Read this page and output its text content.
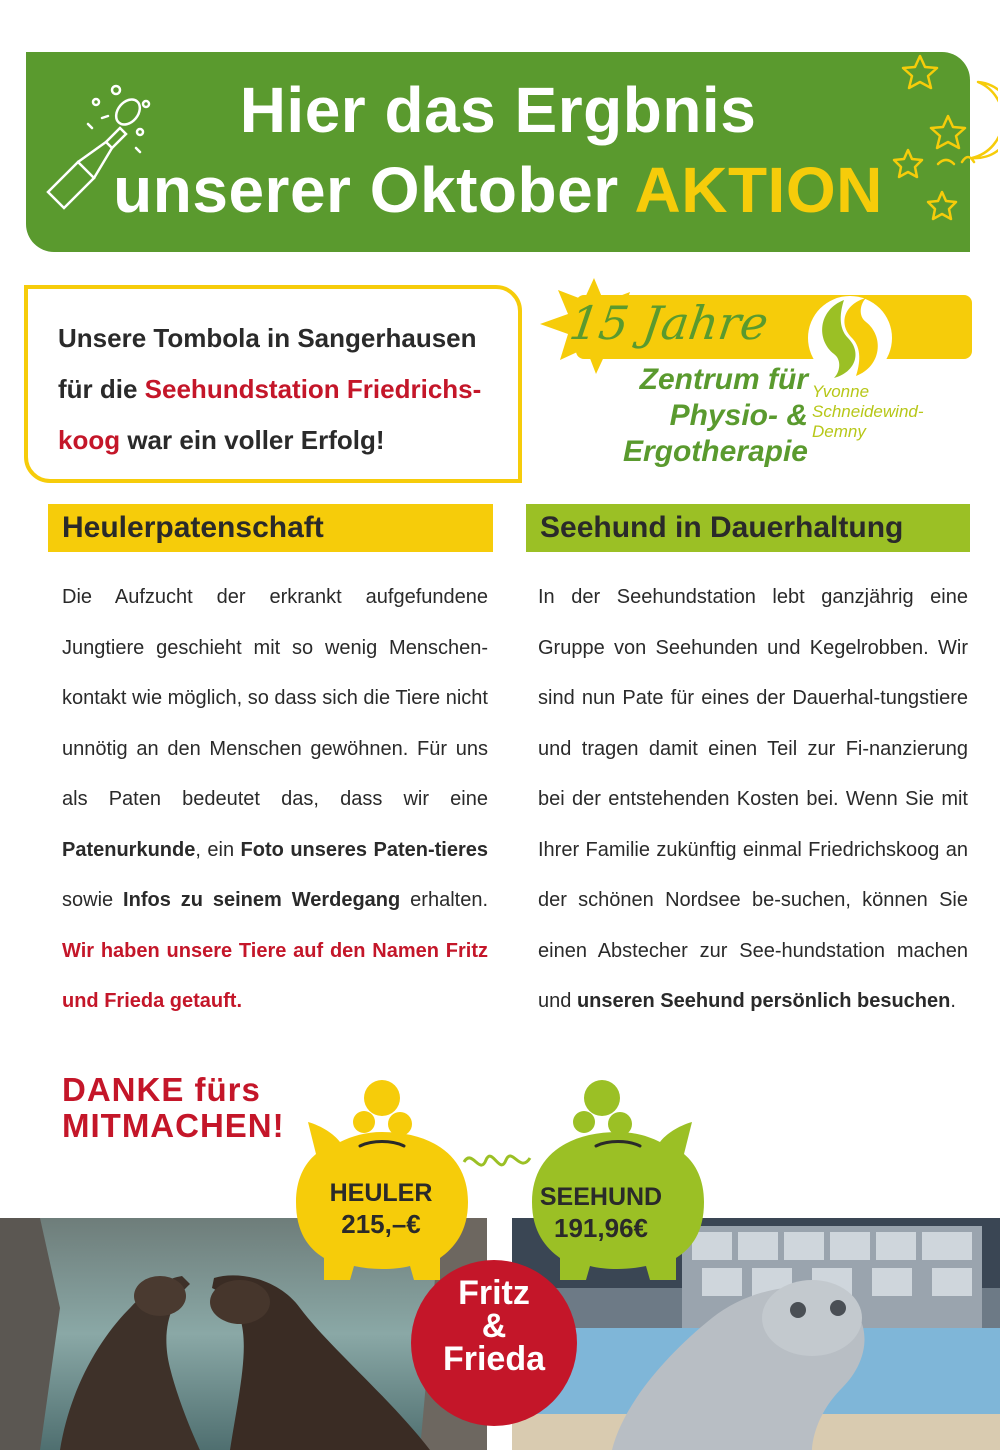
Hier das Ergbnis
unserer Oktober AKTION
Unsere Tombola in Sangerhausen für die Seehundstation Friedrichs-koog war ein voller Erfolg!
15 Jahre
Zentrum für
Physio- &
Ergotherapie
Yvonne
Schneidewind-
Demny
Heulerpatenschaft	Seehund in Dauerhaltung
Die Aufzucht der erkrankt aufgefundene Jungtiere geschieht mit so wenig Menschen-kontakt wie möglich, so dass sich die Tiere nicht unnötig an den Menschen gewöhnen. Für uns als Paten bedeutet das, dass wir eine Patenurkunde, ein Foto unseres Paten-tieres sowie Infos zu seinem Werdegang erhalten. Wir haben unsere Tiere auf den Namen Fritz und Frieda getauft.
In der Seehundstation lebt ganzjährig eine Gruppe von Seehunden und Kegelrobben. Wir sind nun Pate für eines der Dauerhal-tungstiere und tragen damit einen Teil zur Fi-nanzierung bei der entstehenden Kosten bei. Wenn Sie mit Ihrer Familie zukünftig einmal Friedrichskoog an der schönen Nordsee be-suchen, können Sie einen Abstecher zur See-hundstation machen und unseren Seehund persönlich besuchen.
DANKE fürs
MITMACHEN!
HEULER
215,–€
SEEHUND
191,96€
Fritz
&
Frieda
